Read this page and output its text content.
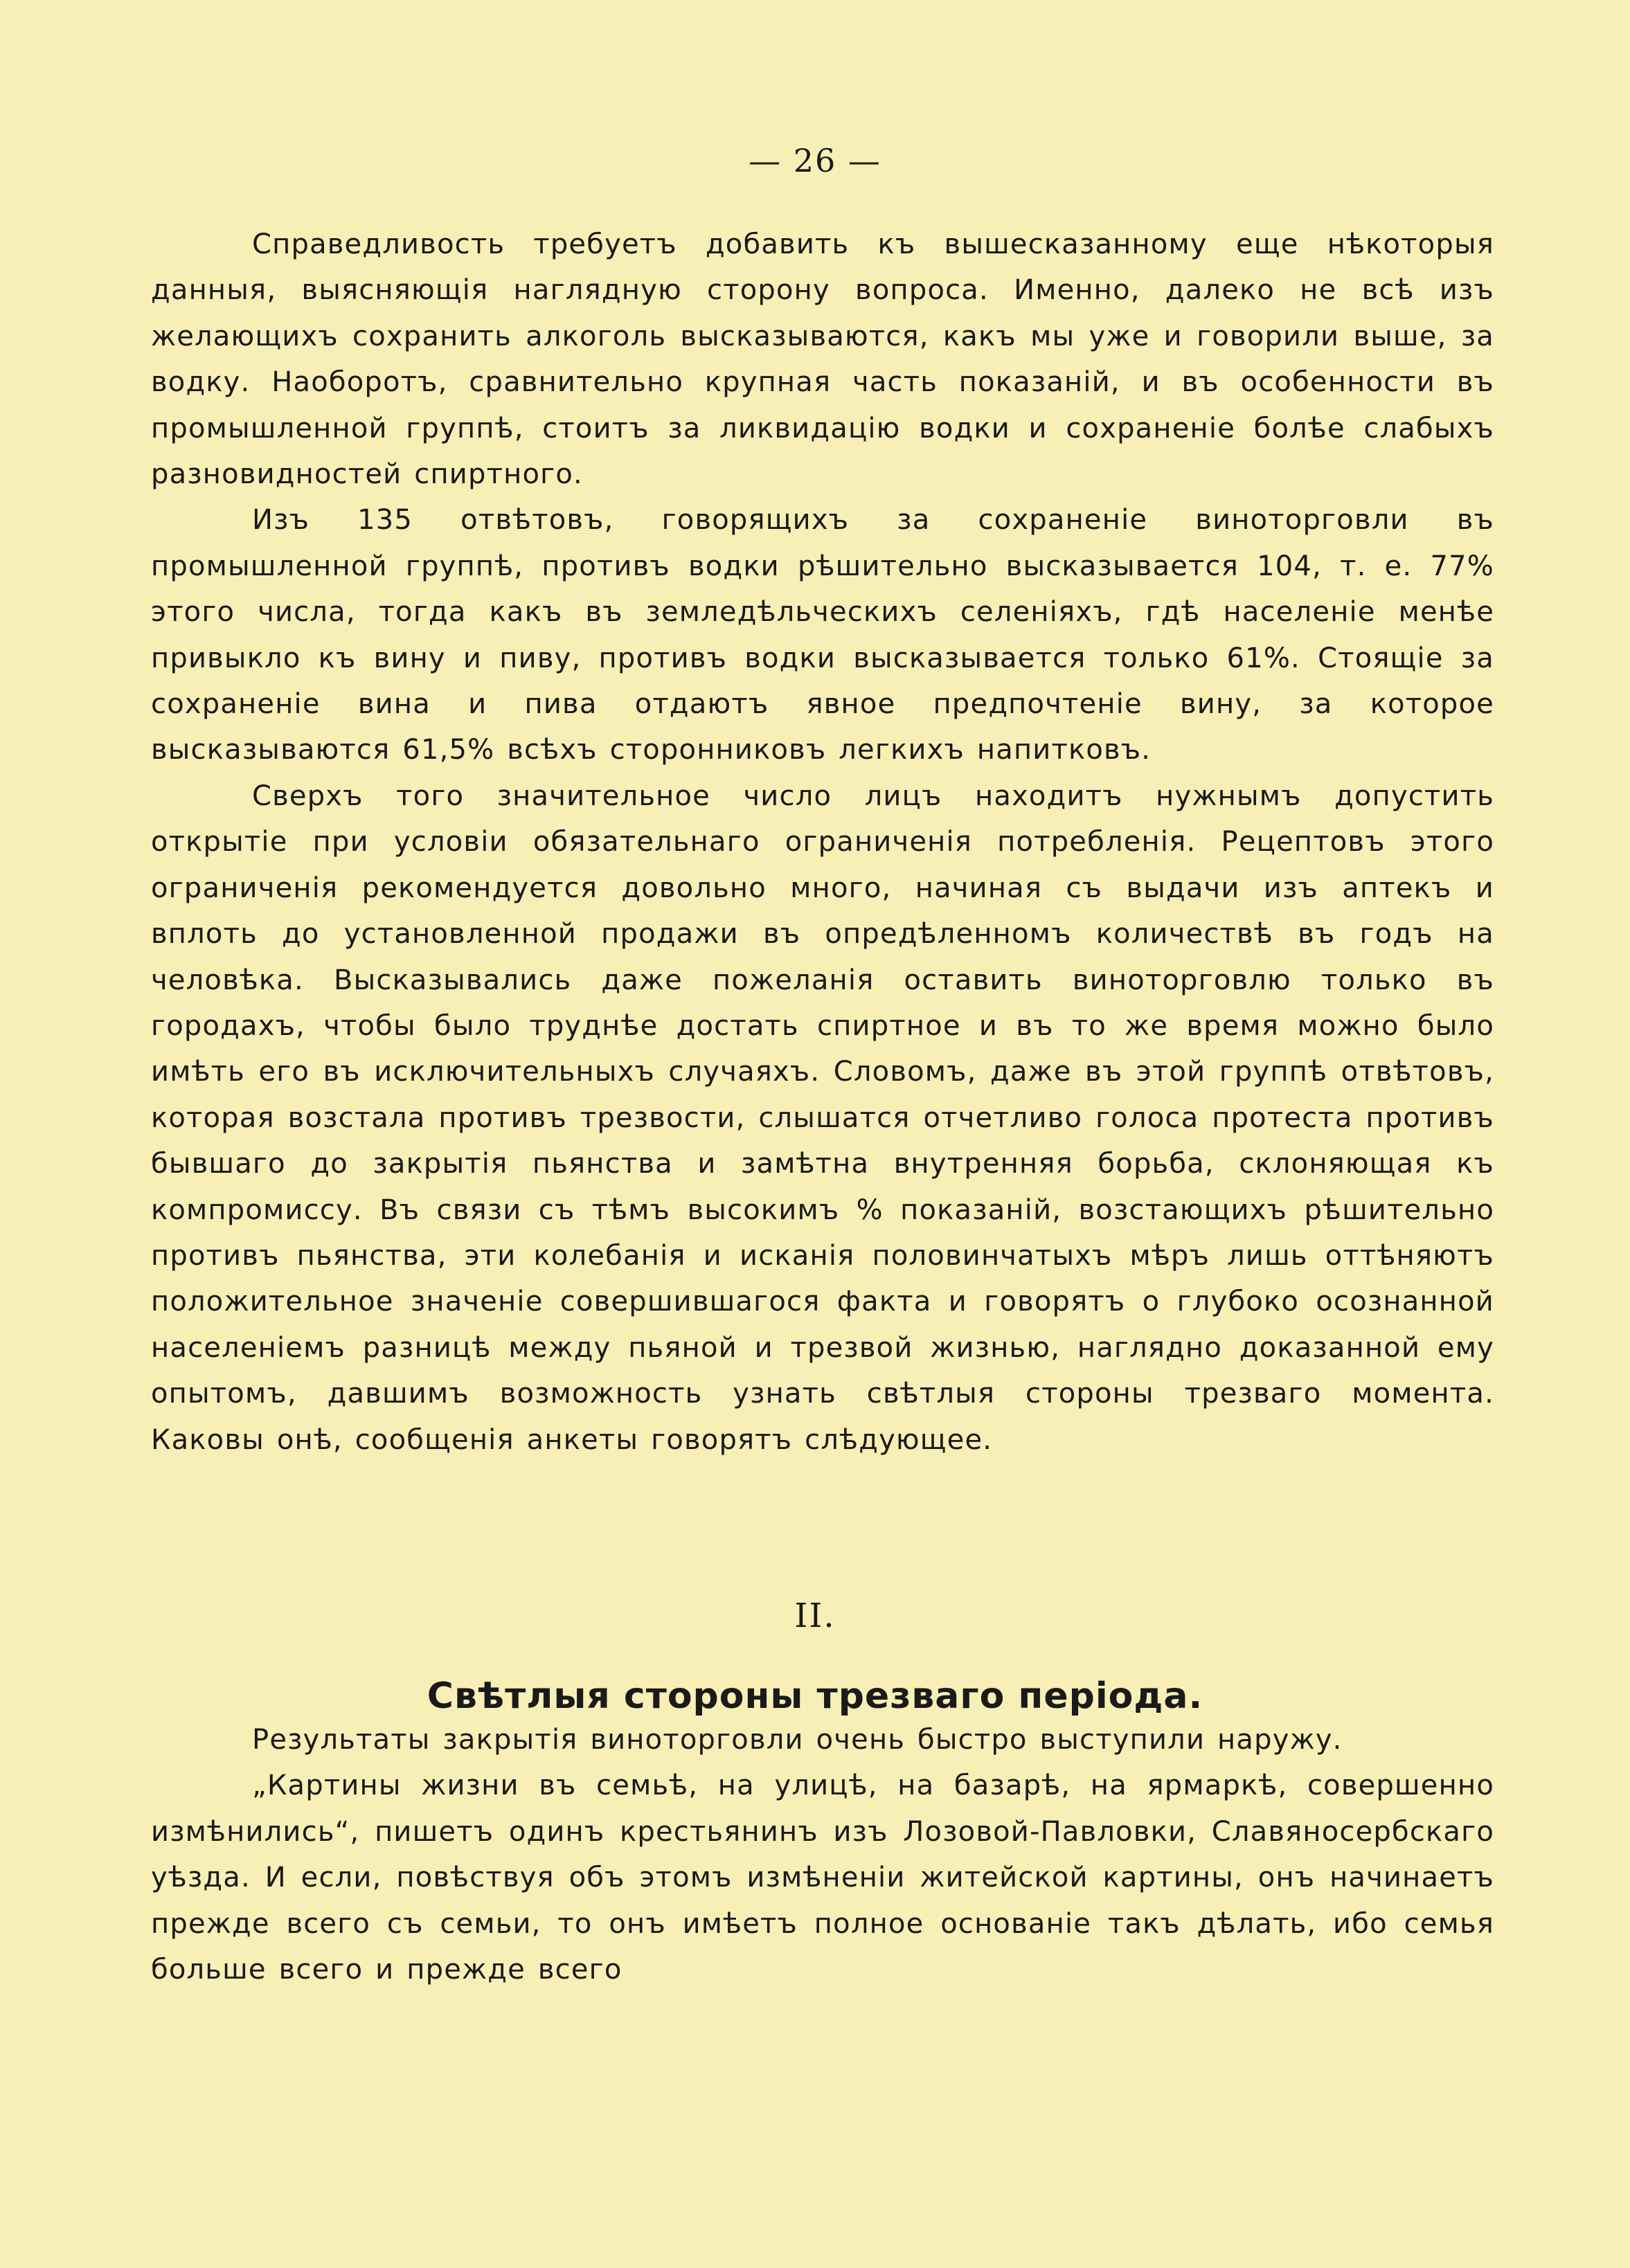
— 26 —

Справедливость требуетъ добавить къ вышесказанному еще нѣкоторыя данныя, выясняющія наглядную сторону вопроса. Именно, далеко не всѣ изъ желающихъ сохранить алкоголь высказываются, какъ мы уже и говорили выше, за водку. Наоборотъ, сравнительно крупная часть показаній, и въ особенности въ промышленной группѣ, стоитъ за ликвидацію водки и сохраненіе болѣе слабыхъ разновидностей спиртного.

Изъ 135 отвѣтовъ, говорящихъ за сохраненіе виноторговли въ промышленной группѣ, противъ водки рѣшительно высказывается 104, т. е. 77% этого числа, тогда какъ въ земледѣльческихъ селеніяхъ, гдѣ населеніе менѣе привыкло къ вину и пиву, противъ водки высказывается только 61%. Стоящіе за сохраненіе вина и пива отдаютъ явное предпочтеніе вину, за которое высказываются 61,5% всѣхъ сторонниковъ легкихъ напитковъ.

Сверхъ того значительное число лицъ находитъ нужнымъ допустить открытіе при условіи обязательнаго ограниченія потребленія. Рецептовъ этого ограниченія рекомендуется довольно много, начиная съ выдачи изъ аптекъ и вплоть до установленной продажи въ опредѣленномъ количествѣ въ годъ на человѣка. Высказывались даже пожеланія оставить виноторговлю только въ городахъ, чтобы было труднѣе достать спиртное и въ то же время можно было имѣть его въ исключительныхъ случаяхъ. Словомъ, даже въ этой группѣ отвѣтовъ, которая возстала противъ трезвости, слышатся отчетливо голоса протеста противъ бывшаго до закрытія пьянства и замѣтна внутренняя борьба, склоняющая къ компромиссу. Въ связи съ тѣмъ высокимъ % показаній, возстающихъ рѣшительно противъ пьянства, эти колебанія и исканія половинчатыхъ мѣръ лишь оттѣняютъ положительное значеніе совершившагося факта и говорятъ о глубоко осознанной населеніемъ разницѣ между пьяной и трезвой жизнью, наглядно доказанной ему опытомъ, давшимъ возможность узнать свѣтлыя стороны трезваго момента. Каковы онѣ, сообщенія анкеты говорятъ слѣдующее.

II.
Свѣтлыя стороны трезваго періода.

Результаты закрытія виноторговли очень быстро выступили наружу.

„Картины жизни въ семьѣ, на улицѣ, на базарѣ, на ярмаркѣ, совершенно измѣнились“, пишетъ одинъ крестьянинъ изъ Лозовой-Павловки, Славяносербскаго уѣзда. И если, повѣствуя объ этомъ измѣненіи житейской картины, онъ начинаетъ прежде всего съ семьи, то онъ имѣетъ полное основаніе такъ дѣлать, ибо семья больше всего и прежде всего
